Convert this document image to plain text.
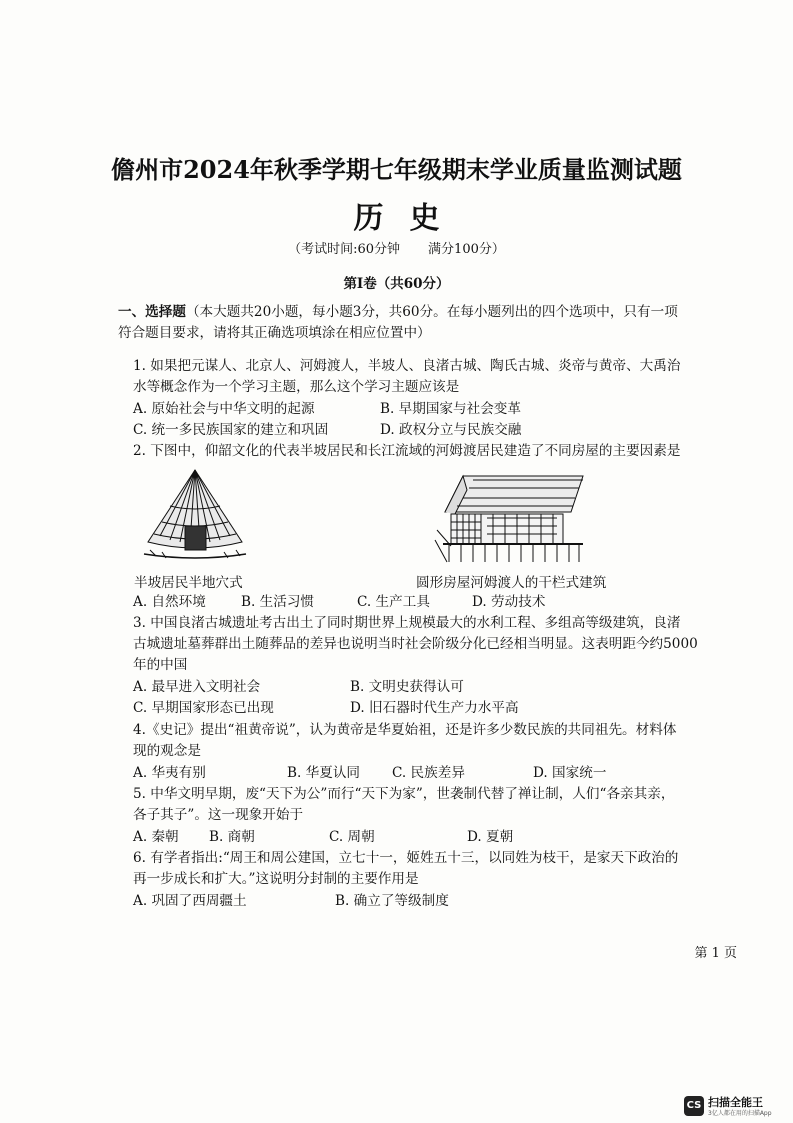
儋州市2024年秋季学期七年级期末学业质量监测试题
历史
（考试时间:60分钟 满分100分）
第Ⅰ卷（共60分）
一、选择题（本大题共20小题，每小题3分，共60分。在每小题列出的四个选项中，只有一项
符合题目要求，请将其正确选项填涂在相应位置中）
1. 如果把元谋人、北京人、河姆渡人，半坡人、良渚古城、陶氏古城、炎帝与黄帝、大禹治
水等概念作为一个学习主题，那么这个学习主题应该是
A. 原始社会与中华文明的起源	B. 早期国家与社会变革
C. 统一多民族国家的建立和巩固	D. 政权分立与民族交融
2. 下图中，仰韶文化的代表半坡居民和长江流域的河姆渡居民建造了不同房屋的主要因素是
半坡居民半地穴式	圆形房屋河姆渡人的干栏式建筑
A. 自然环境	B. 生活习惯	C. 生产工具	D. 劳动技术
3. 中国良渚古城遗址考古出土了同时期世界上规模最大的水利工程、多组高等级建筑，良渚
古城遗址墓葬群出土随葬品的差异也说明当时社会阶级分化已经相当明显。这表明距今约5000
年的中国
A. 最早进入文明社会	B. 文明史获得认可
C. 早期国家形态已出现	D. 旧石器时代生产力水平高
4.《史记》提出“祖黄帝说”，认为黄帝是华夏始祖，还是许多少数民族的共同祖先。材料体
现的观念是
A. 华夷有别	B. 华夏认同 C. 民族差异	D. 国家统一
5. 中华文明早期，废“天下为公”而行“天下为家”，世袭制代替了禅让制，人们“各亲其亲，
各子其子”。这一现象开始于
A. 秦朝 B. 商朝	C. 周朝	D. 夏朝
6. 有学者指出:“周王和周公建国，立七十一，姬姓五十三，以同姓为枝干，是家天下政治的
再一步成长和扩大。”这说明分封制的主要作用是
A. 巩固了西周疆土	B. 确立了等级制度
第 1 页
CS 扫描全能王
3亿人都在用的扫描App
